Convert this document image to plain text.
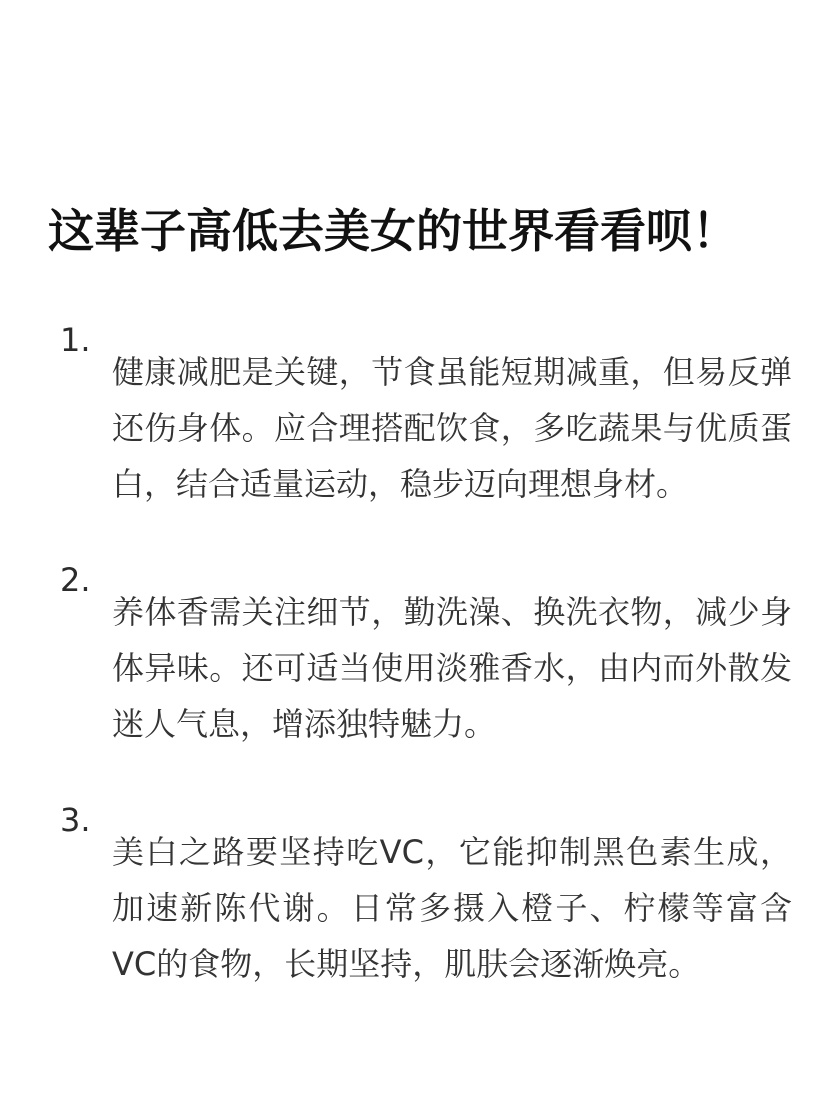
这辈子高低去美女的世界看看呗！
1.

健康减肥是关键，节食虽能短期减重，但易反弹还伤身体。应合理搭配饮食，多吃蔬果与优质蛋白，结合适量运动，稳步迈向理想身材。

2.

养体香需关注细节，勤洗澡、换洗衣物，减少身体异味。还可适当使用淡雅香水，由内而外散发迷人气息，增添独特魅力。

3.

美白之路要坚持吃VC，它能抑制黑色素生成，加速新陈代谢。日常多摄入橙子、柠檬等富含VC的食物，长期坚持，肌肤会逐渐焕亮。
